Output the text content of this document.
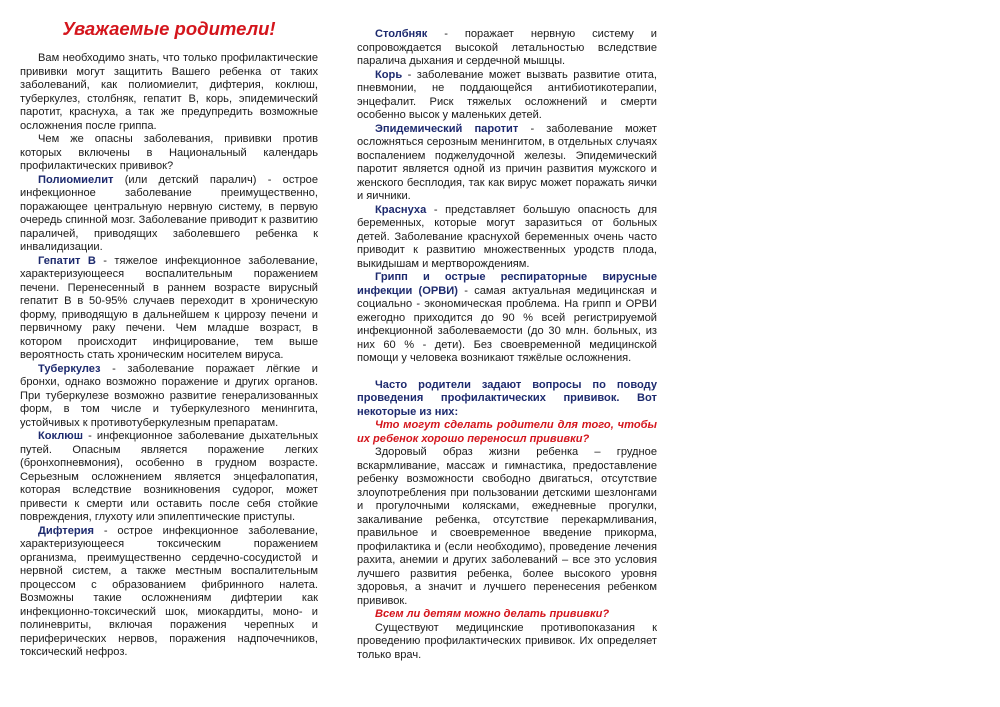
Уважаемые родители!

Вам необходимо знать, что только профилактические прививки могут защитить Вашего ребенка от таких заболеваний, как полиомиелит, дифтерия, коклюш, туберкулез, столбняк, гепатит В, корь, эпидемический паротит, краснуха, а так же предупредить возможные осложнения после гриппа.

Чем же опасны заболевания, прививки против которых включены в Национальный календарь профилактических прививок?

Полиомиелит (или детский паралич) - острое инфекционное заболевание преимущественно, поражающее центральную нервную систему, в первую очередь спинной мозг. Заболевание приводит к развитию параличей, приводящих заболевшего ребенка к инвалидизации.

Гепатит В - тяжелое инфекционное заболевание, характеризующееся воспалительным поражением печени. Перенесенный в раннем возрасте вирусный гепатит В в 50-95% случаев переходит в хроническую форму, приводящую в дальнейшем к циррозу печени и первичному раку печени. Чем младше возраст, в котором происходит инфицирование, тем выше вероятность стать хроническим носителем вируса.

Туберкулез - заболевание поражает лёгкие и бронхи, однако возможно поражение и других органов. При туберкулезе возможно развитие генерализованных форм, в том числе и туберкулезного менингита, устойчивых к противотуберкулезным препаратам.

Коклюш - инфекционное заболевание дыхательных путей. Опасным является поражение легких (бронхопневмония), особенно в грудном возрасте. Серьезным осложнением является энцефалопатия, которая вследствие возникновения судорог, может привести к смерти или оставить после себя стойкие повреждения, глухоту или эпилептические приступы.

Дифтерия - острое инфекционное заболевание, характеризующееся токсическим поражением организма, преимущественно сердечно-сосудистой и нервной систем, а также местным воспалительным процессом с образованием фибринного налета. Возможны такие осложнениям дифтерии как инфекционно-токсический шок, миокардиты, моно- и полиневриты, включая поражения черепных и периферических нервов, поражения надпочечников, токсический нефроз.

Столбняк - поражает нервную систему и сопровождается высокой летальностью вследствие паралича дыхания и сердечной мышцы.

Корь - заболевание может вызвать развитие отита, пневмонии, не поддающейся антибиотикотерапии, энцефалит. Риск тяжелых осложнений и смерти особенно высок у маленьких детей.

Эпидемический паротит - заболевание может осложняться серозным менингитом, в отдельных случаях воспалением поджелудочной железы. Эпидемический паротит является одной из причин развития мужского и женского бесплодия, так как вирус может поражать яички и яичники.

Краснуха - представляет большую опасность для беременных, которые могут заразиться от больных детей. Заболевание краснухой беременных очень часто приводит к развитию множественных уродств плода, выкидышам и мертворождениям.

Грипп и острые респираторные вирусные инфекции (ОРВИ) - самая актуальная медицинская и социально - экономическая проблема. На грипп и ОРВИ ежегодно приходится до 90 % всей регистрируемой инфекционной заболеваемости (до 30 млн. больных, из них 60 % - дети). Без своевременной медицинской помощи у человека возникают тяжёлые осложнения.

Часто родители задают вопросы по поводу проведения профилактических прививок. Вот некоторые из них:

Что могут сделать родители для того, чтобы их ребенок хорошо переносил прививки?

Здоровый образ жизни ребенка – грудное вскармливание, массаж и гимнастика, предоставление ребенку возможности свободно двигаться, отсутствие злоупотребления при пользовании детскими шезлонгами и прогулочными колясками, ежедневные прогулки, закаливание ребенка, отсутствие перекармливания, правильное и своевременное введение прикорма, профилактика и (если необходимо), проведение лечения рахита, анемии и других заболеваний – все это условия лучшего развития ребенка, более высокого уровня здоровья, а значит и лучшего перенесения ребенком прививок.

Всем ли детям можно делать прививки?

Существуют медицинские противопоказания к проведению профилактических прививок. Их определяет только врач.
